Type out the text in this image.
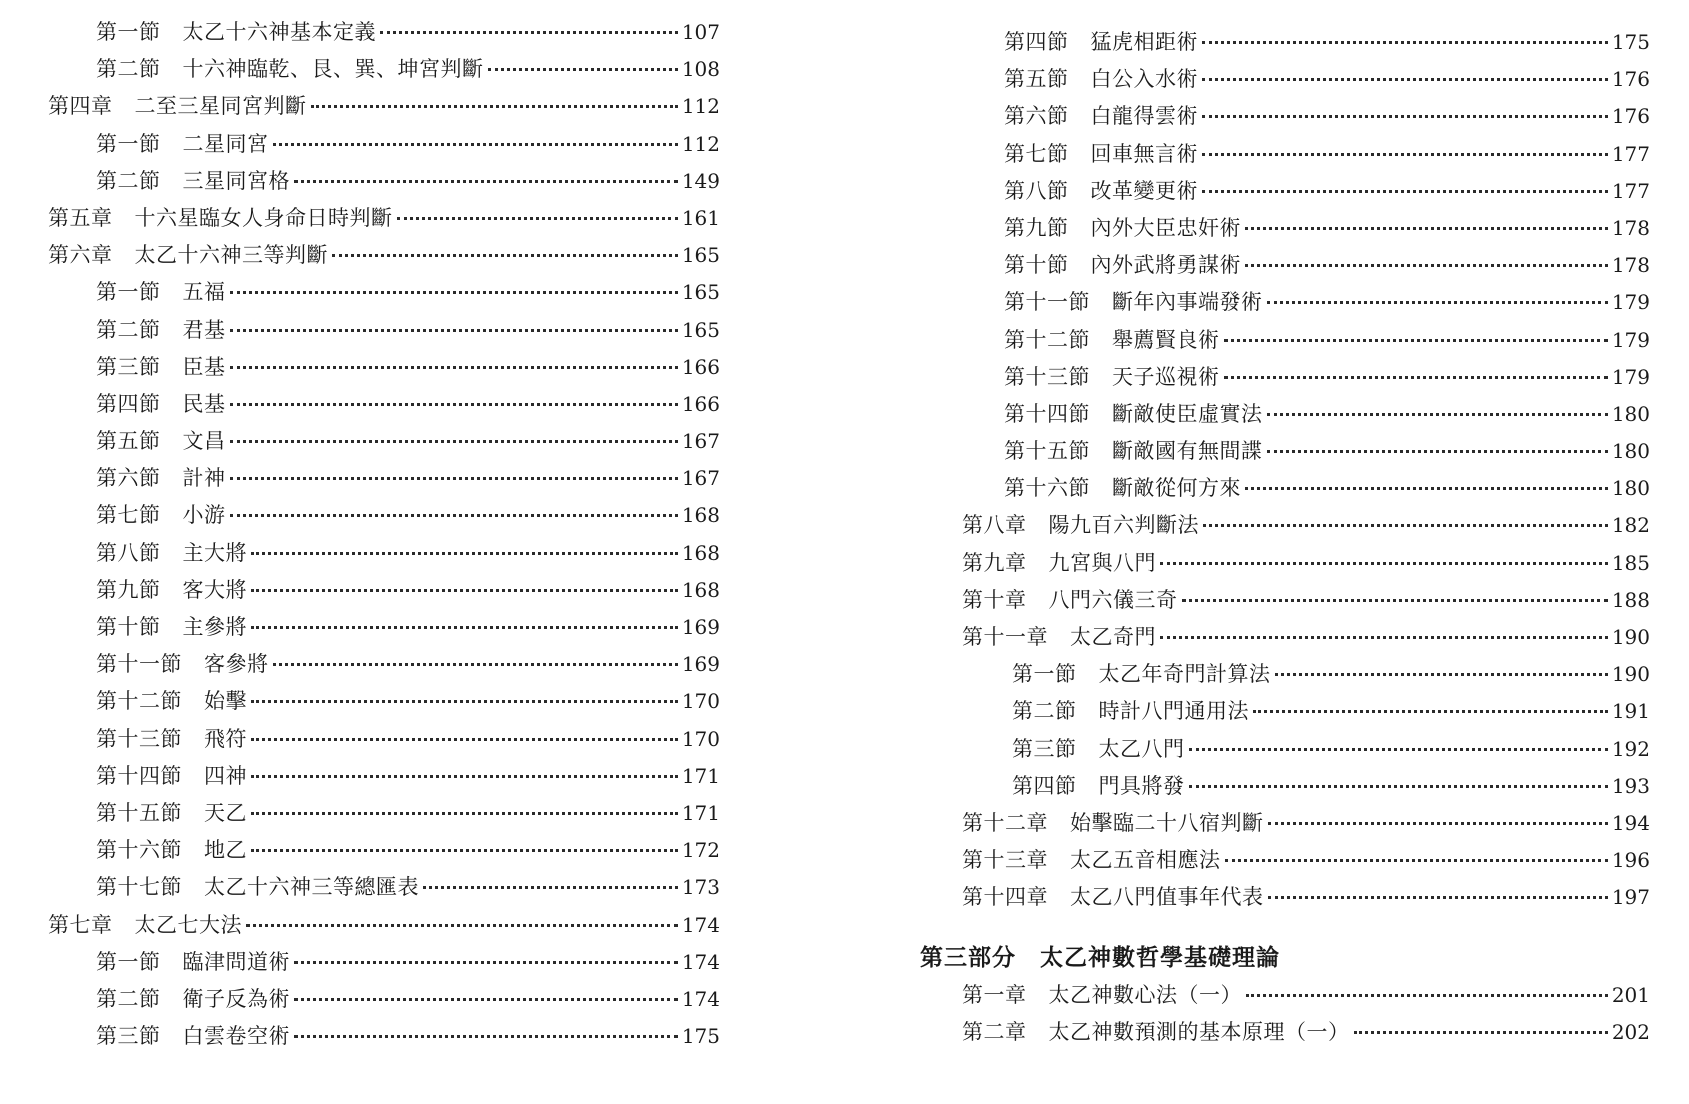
第一節 太乙十六神基本定義	107
第二節 十六神臨乾、艮、巽、坤宮判斷	108
第四章 二至三星同宮判斷	112
第一節 二星同宮	112
第二節 三星同宮格	149
第五章 十六星臨女人身命日時判斷	161
第六章 太乙十六神三等判斷	165
第一節 五福	165
第二節 君基	165
第三節 臣基	166
第四節 民基	166
第五節 文昌	167
第六節 計神	167
第七節 小游	168
第八節 主大將	168
第九節 客大將	168
第十節 主參將	169
第十一節 客參將	169
第十二節 始擊	170
第十三節 飛符	170
第十四節 四神	171
第十五節 天乙	171
第十六節 地乙	172
第十七節 太乙十六神三等總匯表	173
第七章 太乙七大法	174
第一節 臨津問道術	174
第二節 衛子反為術	174
第三節 白雲卷空術	175
第四節 猛虎相距術	175
第五節 白公入水術	176
第六節 白龍得雲術	176
第七節 回車無言術	177
第八節 改革變更術	177
第九節 內外大臣忠奸術	178
第十節 內外武將勇謀術	178
第十一節 斷年內事端發術	179
第十二節 舉薦賢良術	179
第十三節 天子巡視術	179
第十四節 斷敵使臣虛實法	180
第十五節 斷敵國有無間諜	180
第十六節 斷敵從何方來	180
第八章 陽九百六判斷法	182
第九章 九宮與八門	185
第十章 八門六儀三奇	188
第十一章 太乙奇門	190
第一節 太乙年奇門計算法	190
第二節 時計八門通用法	191
第三節 太乙八門	192
第四節 門具將發	193
第十二章 始擊臨二十八宿判斷	194
第十三章 太乙五音相應法	196
第十四章 太乙八門值事年代表	197
第三部分 太乙神數哲學基礎理論
第一章 太乙神數心法（一）	201
第二章 太乙神數預測的基本原理（一）	202
